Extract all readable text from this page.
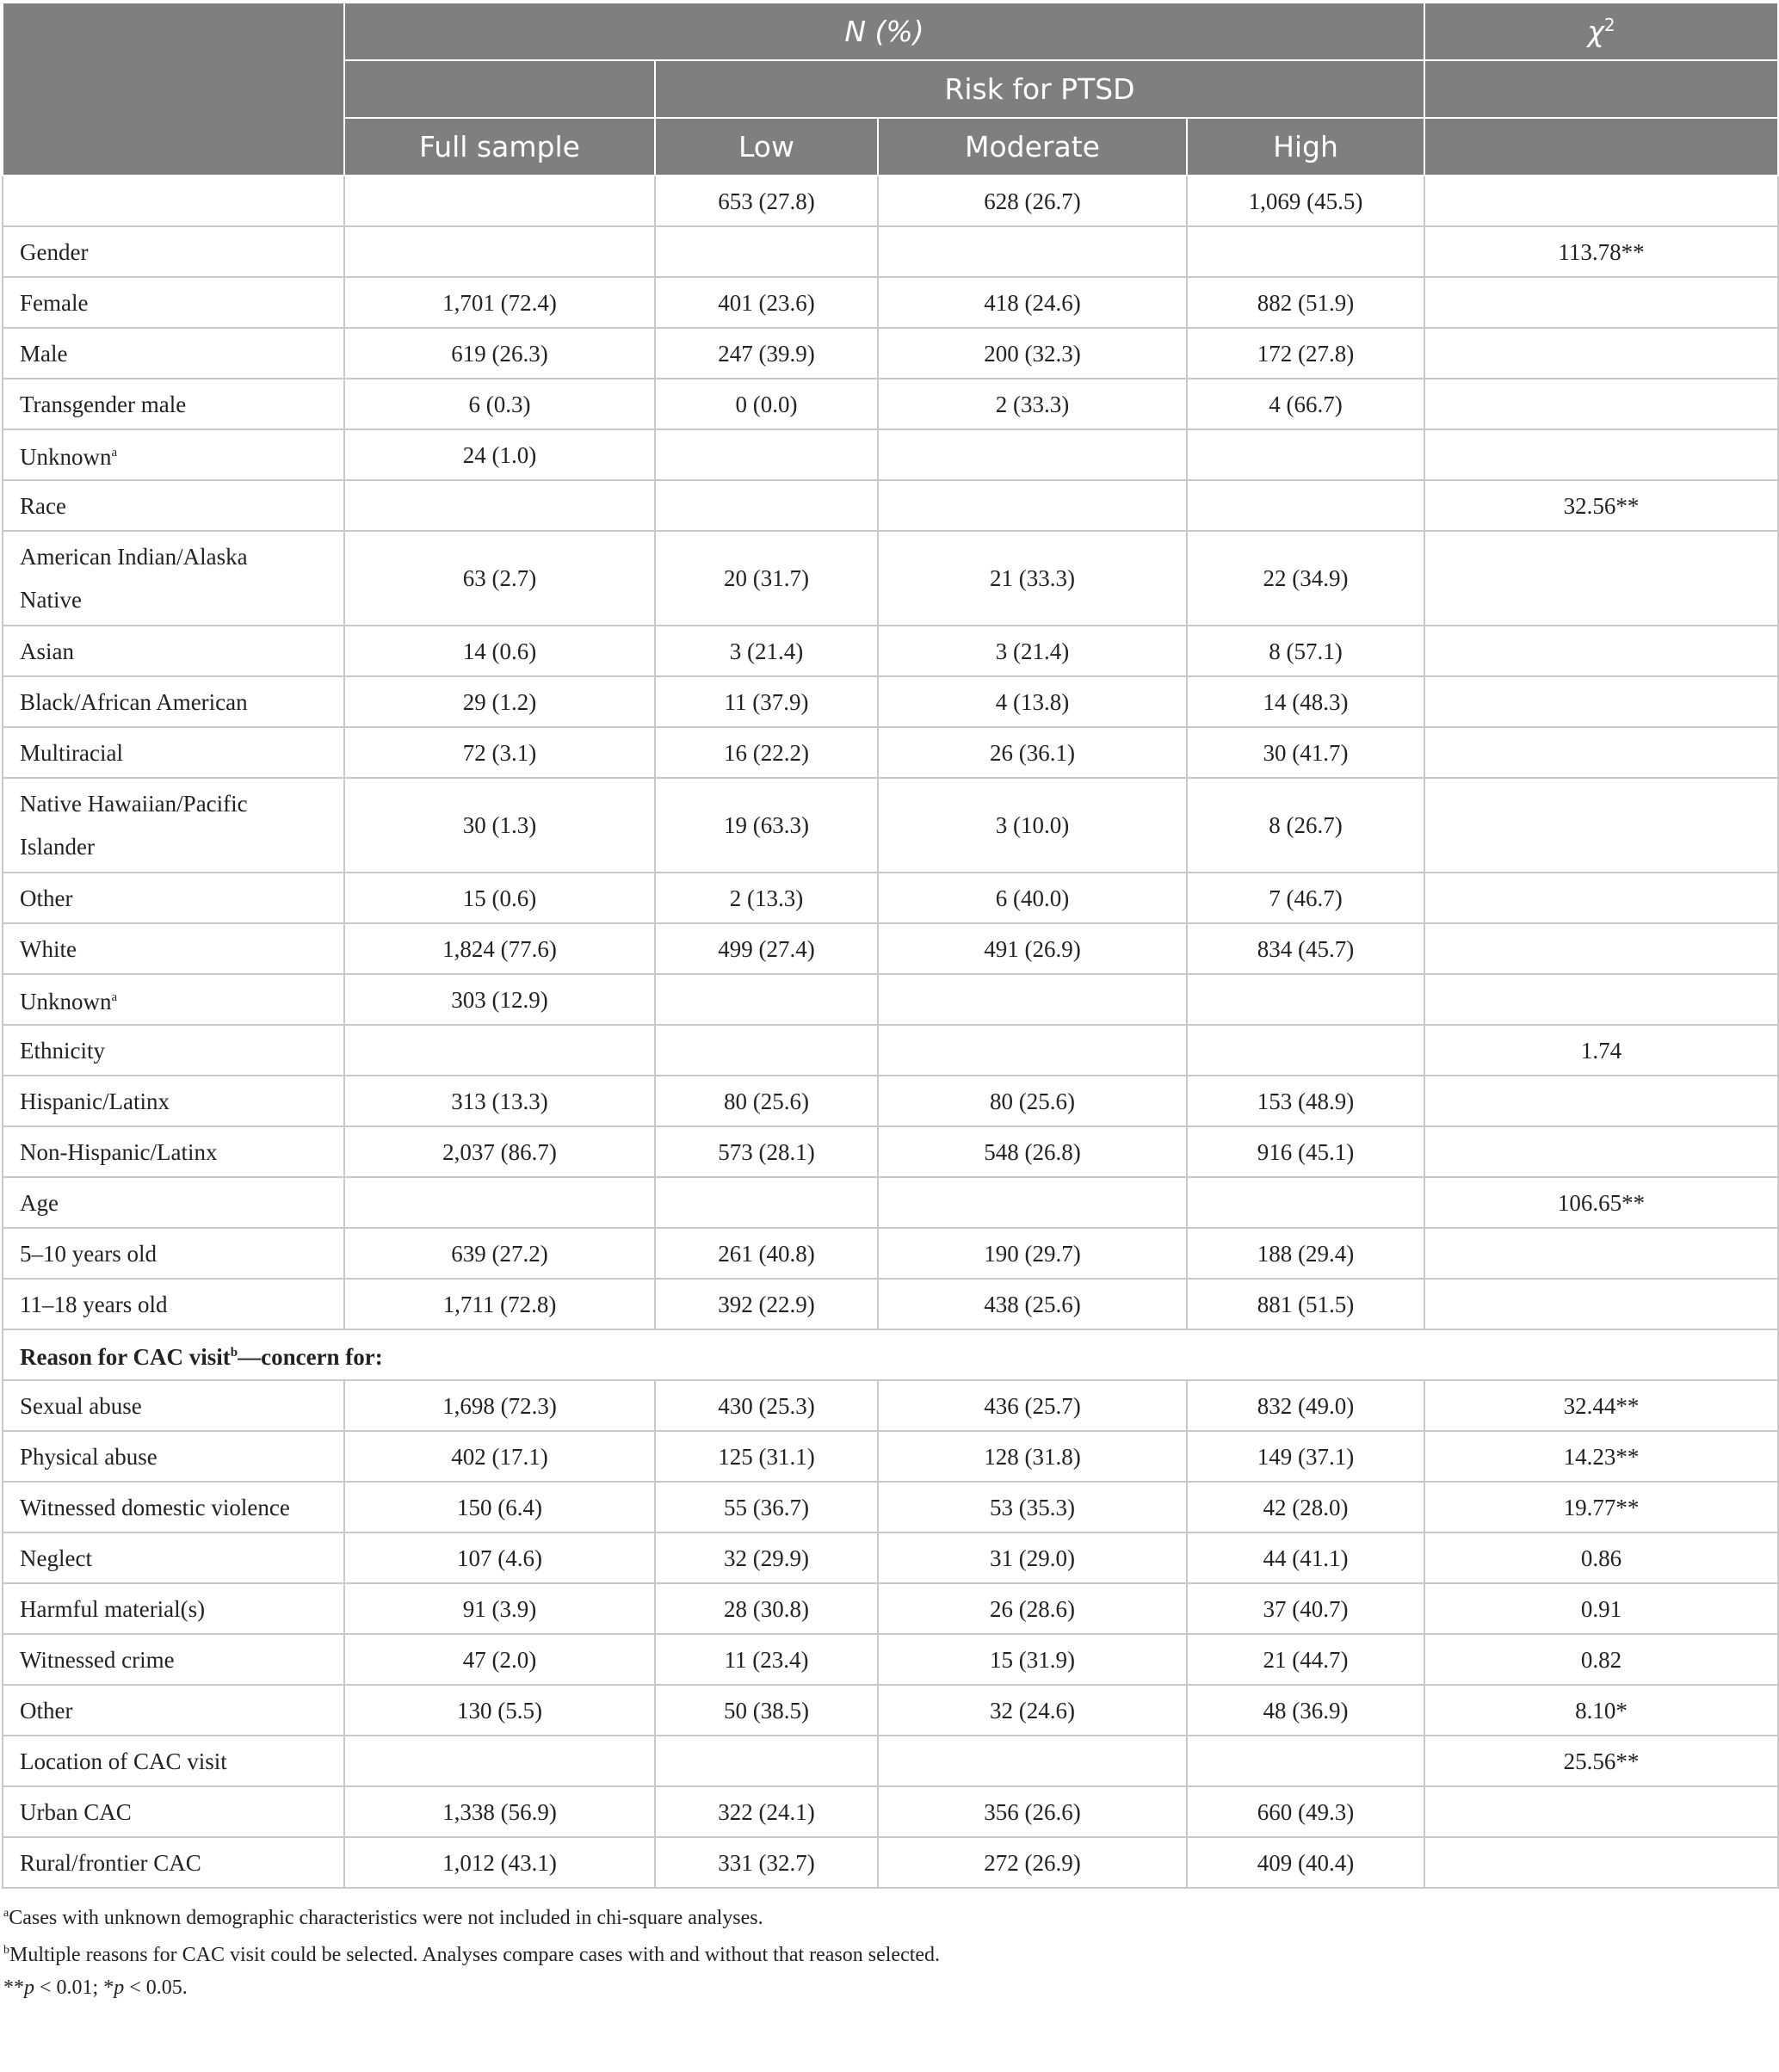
	N (%)				$\chi^2$
		Risk for PTSD			
	Full sample	Low	Moderate	High	
		653 (27.8)	628 (26.7)	1,069 (45.5)	
Gender					113.78**
Female	1,701 (72.4)	401 (23.6)	418 (24.6)	882 (51.9)	
Male	619 (26.3)	247 (39.9)	200 (32.3)	172 (27.8)	
Transgender male	6 (0.3)	0 (0.0)	2 (33.3)	4 (66.7)	
Unknown$^a$	24 (1.0)				
Race					32.56**
American Indian/Alaska
Native	63 (2.7)	20 (31.7)	21 (33.3)	22 (34.9)	
Asian	14 (0.6)	3 (21.4)	3 (21.4)	8 (57.1)	
Black/African American	29 (1.2)	11 (37.9)	4 (13.8)	14 (48.3)	
Multiracial	72 (3.1)	16 (22.2)	26 (36.1)	30 (41.7)	
Native Hawaiian/Pacific
Islander	30 (1.3)	19 (63.3)	3 (10.0)	8 (26.7)	
Other	15 (0.6)	2 (13.3)	6 (40.0)	7 (46.7)	
White	1,824 (77.6)	499 (27.4)	491 (26.9)	834 (45.7)	
Unknown$^a$	303 (12.9)				
Ethnicity					1.74
Hispanic/Latinx	313 (13.3)	80 (25.6)	80 (25.6)	153 (48.9)	
Non-Hispanic/Latinx	2,037 (86.7)	573 (28.1)	548 (26.8)	916 (45.1)	
Age					106.65**
5–10 years old	639 (27.2)	261 (40.8)	190 (29.7)	188 (29.4)	
11–18 years old	1,711 (72.8)	392 (22.9)	438 (25.6)	881 (51.5)	
Reason for CAC visit$^b$—concern for:					
Sexual abuse	1,698 (72.3)	430 (25.3)	436 (25.7)	832 (49.0)	32.44**
Physical abuse	402 (17.1)	125 (31.1)	128 (31.8)	149 (37.1)	14.23**
Witnessed domestic violence	150 (6.4)	55 (36.7)	53 (35.3)	42 (28.0)	19.77**
Neglect	107 (4.6)	32 (29.9)	31 (29.0)	44 (41.1)	0.86
Harmful material(s)	91 (3.9)	28 (30.8)	26 (28.6)	37 (40.7)	0.91
Witnessed crime	47 (2.0)	11 (23.4)	15 (31.9)	21 (44.7)	0.82
Other	130 (5.5)	50 (38.5)	32 (24.6)	48 (36.9)	8.10*
Location of CAC visit					25.56**
Urban CAC	1,338 (56.9)	322 (24.1)	356 (26.6)	660 (49.3)	
Rural/frontier CAC	1,012 (43.1)	331 (32.7)	272 (26.9)	409 (40.4)	
$^a$Cases with unknown demographic characteristics were not included in chi-square analyses.
$^b$Multiple reasons for CAC visit could be selected. Analyses compare cases with and without that reason selected.
**p < 0.01; *p < 0.05.
